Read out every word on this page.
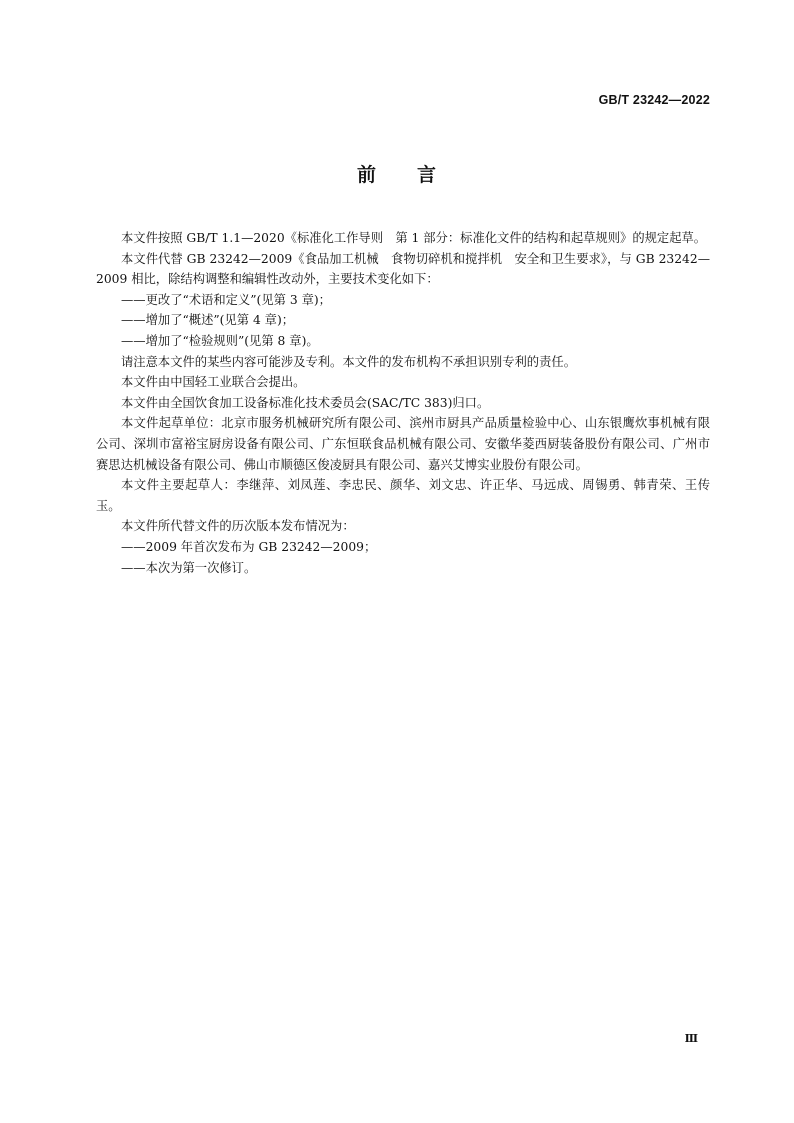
GB/T 23242—2022
前 言

本文件按照 GB/T 1.1—2020《标准化工作导则　第 1 部分：标准化文件的结构和起草规则》的规定起草。

本文件代替 GB 23242—2009《食品加工机械　食物切碎机和搅拌机　安全和卫生要求》，与 GB 23242—2009 相比，除结构调整和编辑性改动外，主要技术变化如下：

——更改了“术语和定义”(见第 3 章)；

——增加了“概述”(见第 4 章)；

——增加了“检验规则”(见第 8 章)。

请注意本文件的某些内容可能涉及专利。本文件的发布机构不承担识别专利的责任。

本文件由中国轻工业联合会提出。

本文件由全国饮食加工设备标准化技术委员会(SAC/TC 383)归口。

本文件起草单位：北京市服务机械研究所有限公司、滨州市厨具产品质量检验中心、山东银鹰炊事机械有限公司、深圳市富裕宝厨房设备有限公司、广东恒联食品机械有限公司、安徽华菱西厨装备股份有限公司、广州市赛思达机械设备有限公司、佛山市顺德区俊凌厨具有限公司、嘉兴艾博实业股份有限公司。

本文件主要起草人：李继萍、刘凤莲、李忠民、颜华、刘文忠、许正华、马远成、周锡勇、韩青荣、王传玉。

本文件所代替文件的历次版本发布情况为：

——2009 年首次发布为 GB 23242—2009；

——本次为第一次修订。

Ⅲ
